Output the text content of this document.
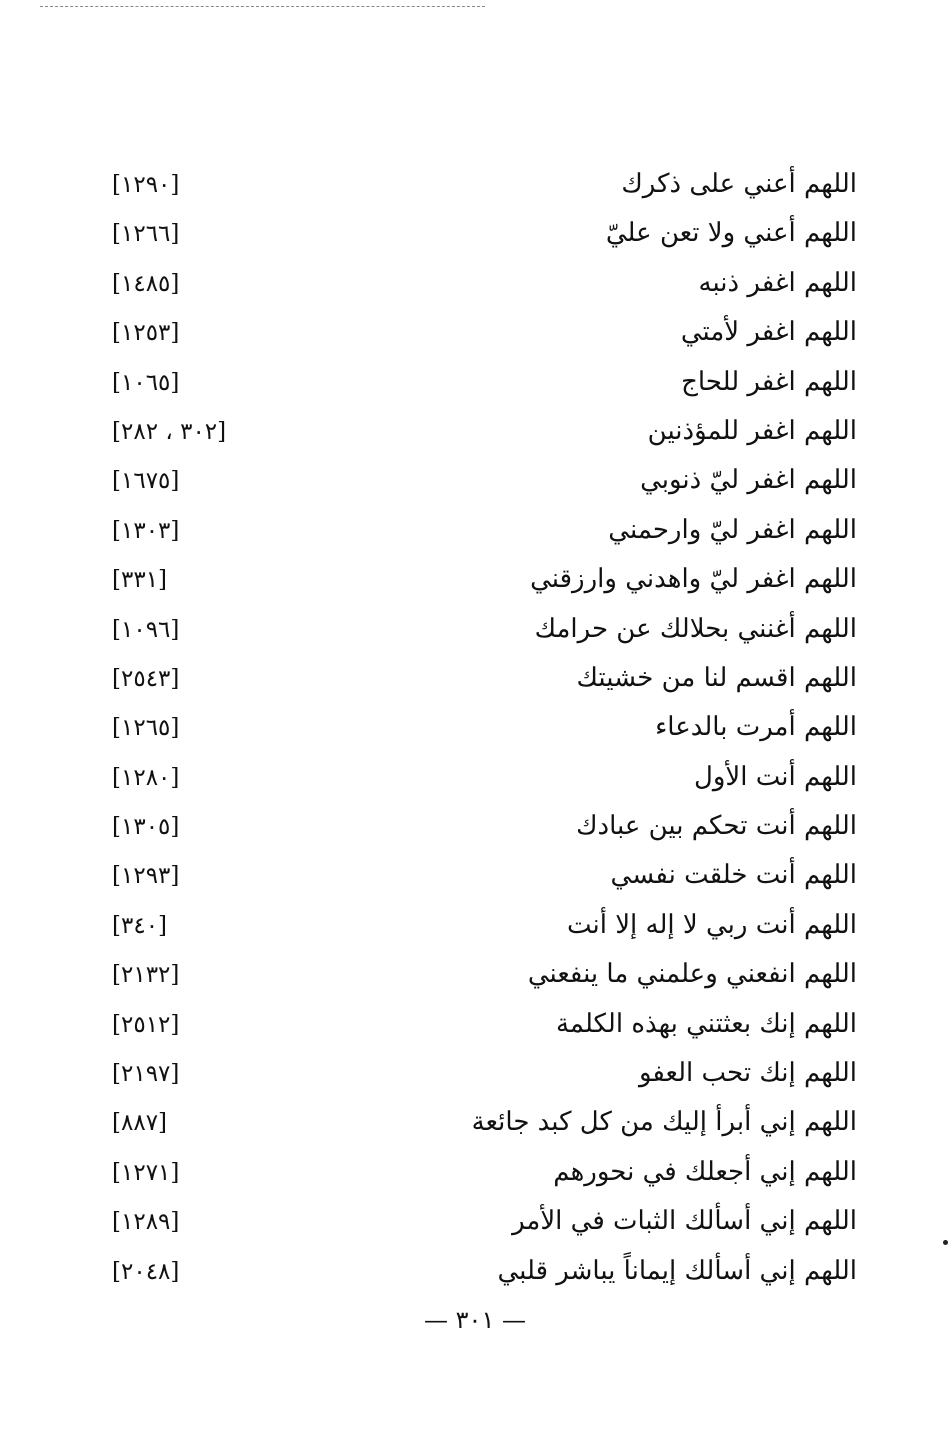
اللهم أعني على ذكرك
[١٢٩٠]
اللهم أعني ولا تعن عليّ
[١٢٦٦]
اللهم اغفر ذنبه
[١٤٨٥]
اللهم اغفر لأمتي
[١٢٥٣]
اللهم اغفر للحاج
[١٠٦٥]
اللهم اغفر للمؤذنين
[٣٠٢ ، ٢٨٢]
اللهم اغفر ليّ ذنوبي
[١٦٧٥]
اللهم اغفر ليّ وارحمني
[١٣٠٣]
اللهم اغفر ليّ واهدني وارزقني
[٣٣١]
اللهم أغنني بحلالك عن حرامك
[١٠٩٦]
اللهم اقسم لنا من خشيتك
[٢٥٤٣]
اللهم أمرت بالدعاء
[١٢٦٥]
اللهم أنت الأول
[١٢٨٠]
اللهم أنت تحكم بين عبادك
[١٣٠٥]
اللهم أنت خلقت نفسي
[١٢٩٣]
اللهم أنت ربي لا إله إلا أنت
[٣٤٠]
اللهم انفعني وعلمني ما ينفعني
[٢١٣٢]
اللهم إنك بعثتني بهذه الكلمة
[٢٥١٢]
اللهم إنك تحب العفو
[٢١٩٧]
اللهم إني أبرأ إليك من كل كبد جائعة
[٨٨٧]
اللهم إني أجعلك في نحورهم
[١٢٧١]
اللهم إني أسألك الثبات في الأمر
[١٢٨٩]
اللهم إني أسألك إيماناً يباشر قلبي
[٢٠٤٨]
— ٣٠١ —
